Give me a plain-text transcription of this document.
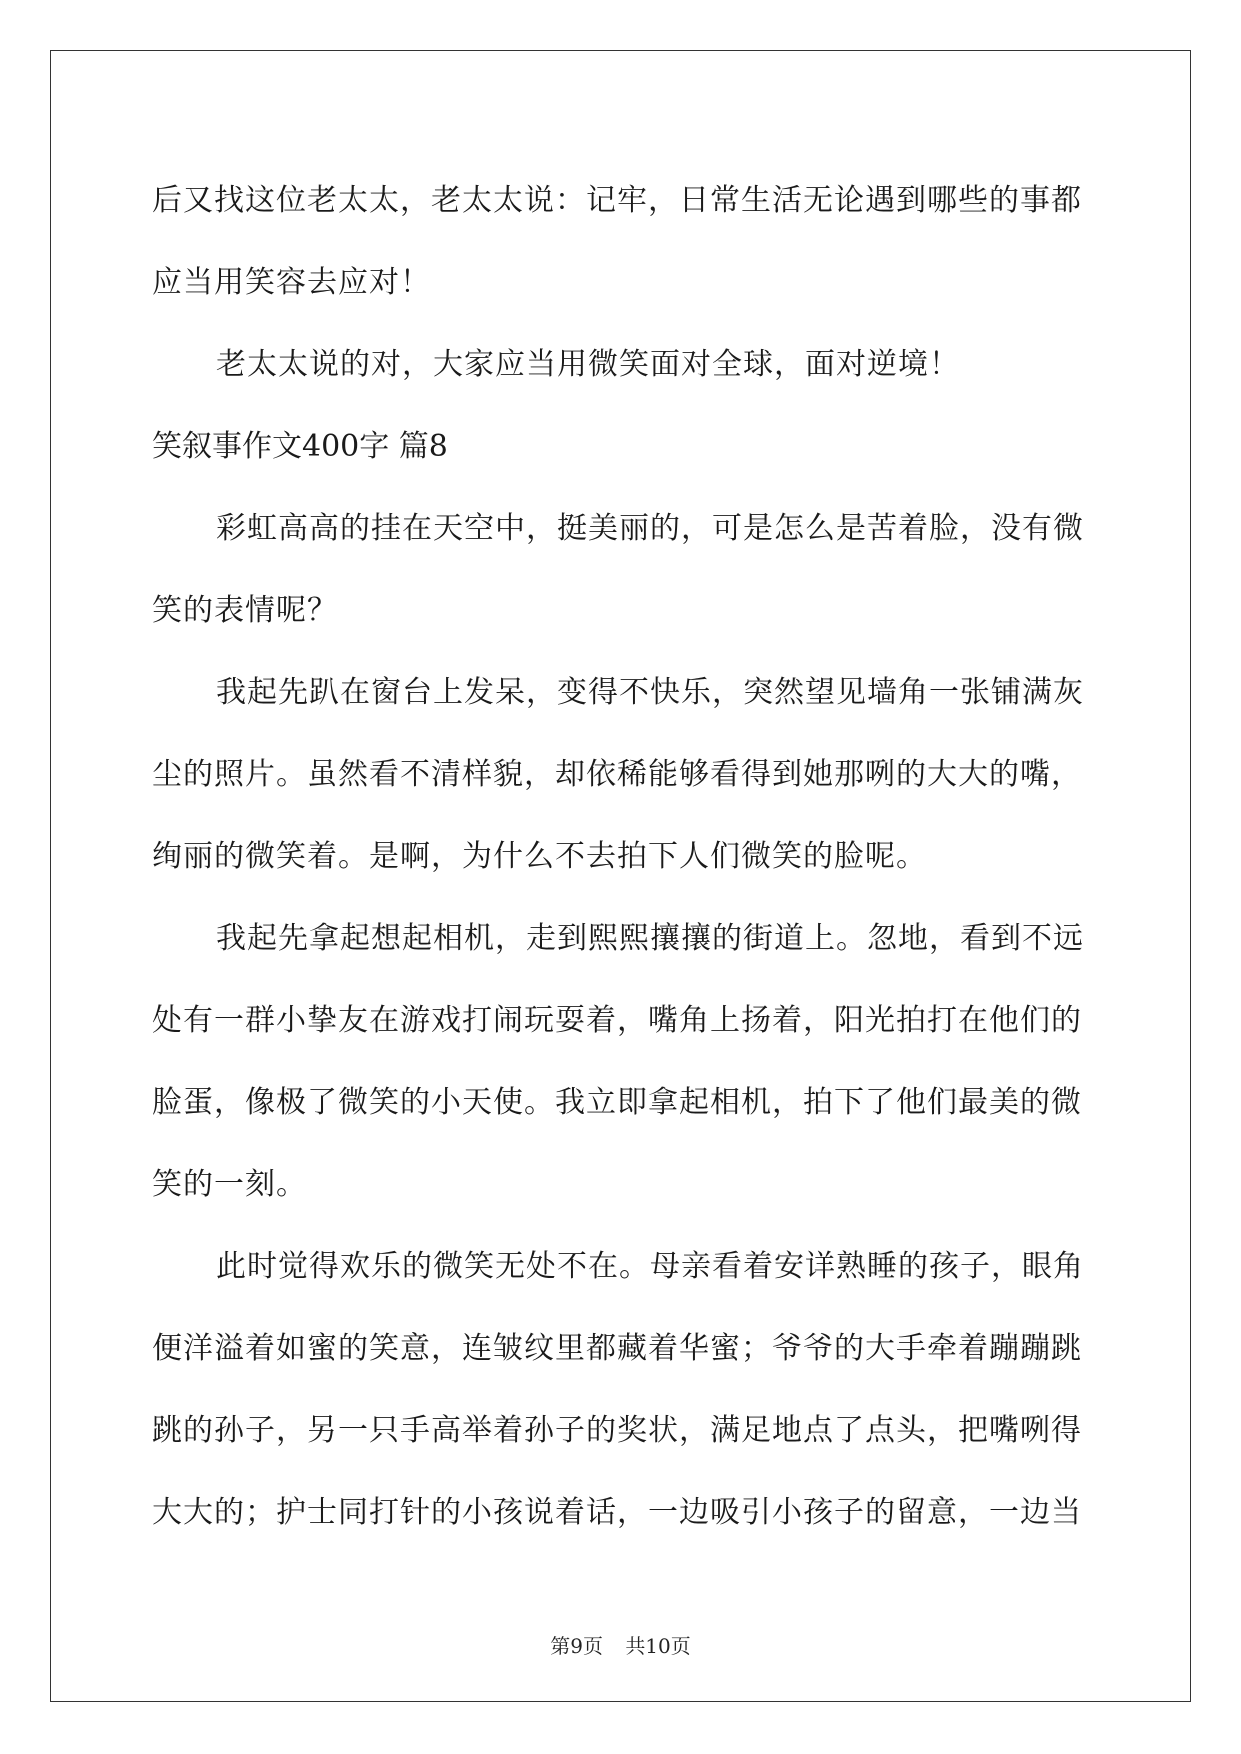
后又找这位老太太，老太太说：记牢，日常生活无论遇到哪些的事都
应当用笑容去应对！
老太太说的对，大家应当用微笑面对全球，面对逆境！
笑叙事作文400字 篇8
彩虹高高的挂在天空中，挺美丽的，可是怎么是苦着脸，没有微
笑的表情呢？
我起先趴在窗台上发呆，变得不快乐，突然望见墙角一张铺满灰
尘的照片。虽然看不清样貌，却依稀能够看得到她那咧的大大的嘴，
绚丽的微笑着。是啊，为什么不去拍下人们微笑的脸呢。
我起先拿起想起相机，走到熙熙攘攘的街道上。忽地，看到不远
处有一群小挚友在游戏打闹玩耍着，嘴角上扬着，阳光拍打在他们的
脸蛋，像极了微笑的小天使。我立即拿起相机，拍下了他们最美的微
笑的一刻。
此时觉得欢乐的微笑无处不在。母亲看着安详熟睡的孩子，眼角
便洋溢着如蜜的笑意，连皱纹里都藏着华蜜；爷爷的大手牵着蹦蹦跳
跳的孙子，另一只手高举着孙子的奖状，满足地点了点头，把嘴咧得
大大的；护士同打针的小孩说着话，一边吸引小孩子的留意，一边当
第9页 共10页
